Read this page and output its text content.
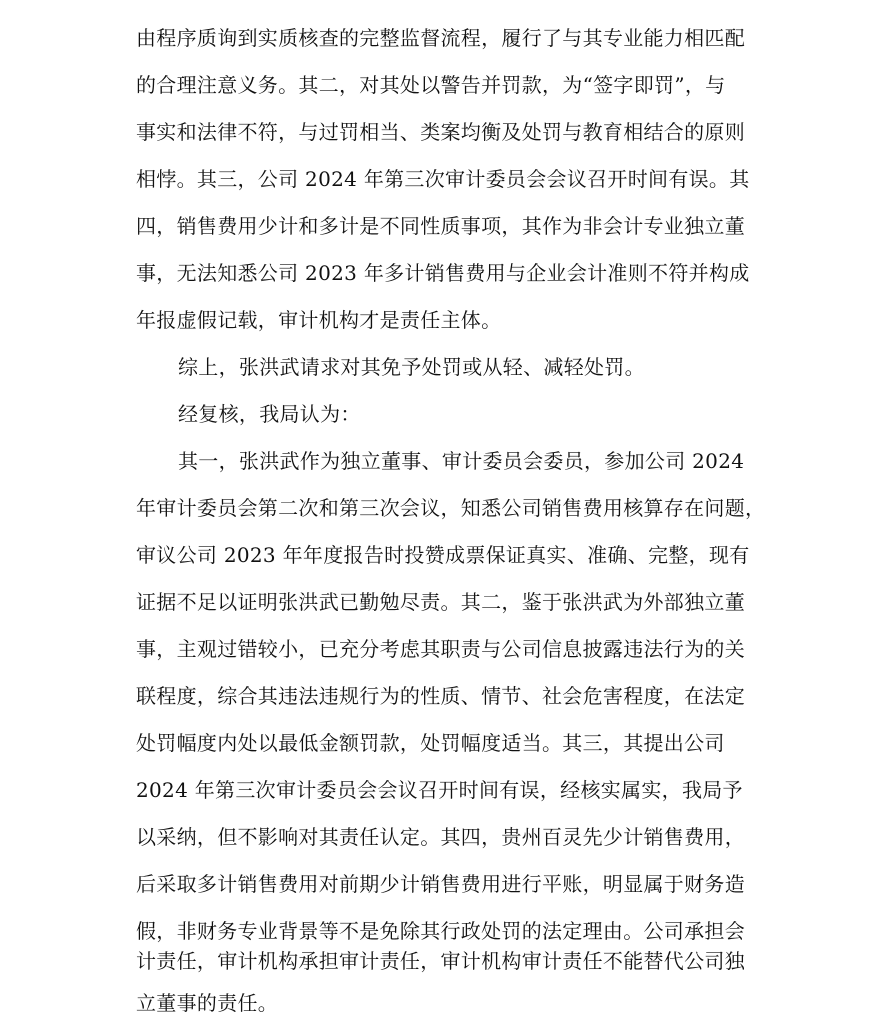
由程序质询到实质核查的完整监督流程，履行了与其专业能力相匹配
的合理注意义务。其二，对其处以警告并罚款，为“签字即罚”，与
事实和法律不符，与过罚相当、类案均衡及处罚与教育相结合的原则
相悖。其三，公司 2024 年第三次审计委员会会议召开时间有误。其
四，销售费用少计和多计是不同性质事项，其作为非会计专业独立董
事，无法知悉公司 2023 年多计销售费用与企业会计准则不符并构成
年报虚假记载，审计机构才是责任主体。
综上，张洪武请求对其免予处罚或从轻、减轻处罚。
经复核，我局认为：
其一，张洪武作为独立董事、审计委员会委员，参加公司 2024
年审计委员会第二次和第三次会议，知悉公司销售费用核算存在问题，
审议公司 2023 年年度报告时投赞成票保证真实、准确、完整，现有
证据不足以证明张洪武已勤勉尽责。其二，鉴于张洪武为外部独立董
事，主观过错较小，已充分考虑其职责与公司信息披露违法行为的关
联程度，综合其违法违规行为的性质、情节、社会危害程度，在法定
处罚幅度内处以最低金额罚款，处罚幅度适当。其三，其提出公司
2024 年第三次审计委员会会议召开时间有误，经核实属实，我局予
以采纳，但不影响对其责任认定。其四，贵州百灵先少计销售费用，
后采取多计销售费用对前期少计销售费用进行平账，明显属于财务造
假，非财务专业背景等不是免除其行政处罚的法定理由。公司承担会
计责任，审计机构承担审计责任，审计机构审计责任不能替代公司独
立董事的责任。
